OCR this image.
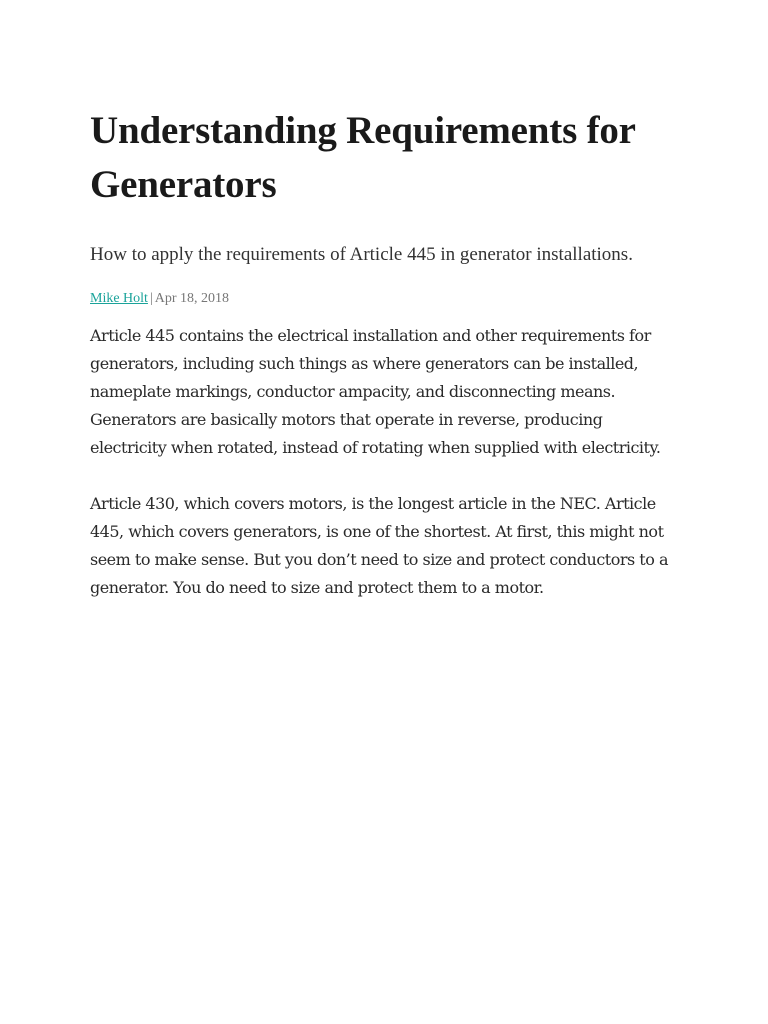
Understanding Requirements for Generators

How to apply the requirements of Article 445 in generator installations.

Mike Holt | Apr 18, 2018

Article 445 contains the electrical installation and other requirements for generators, including such things as where generators can be installed, nameplate markings, conductor ampacity, and disconnecting means. Generators are basically motors that operate in reverse, producing electricity when rotated, instead of rotating when supplied with electricity.

Article 430, which covers motors, is the longest article in the NEC. Article 445, which covers generators, is one of the shortest. At first, this might not seem to make sense. But you don’t need to size and protect conductors to a generator. You do need to size and protect them to a motor.
